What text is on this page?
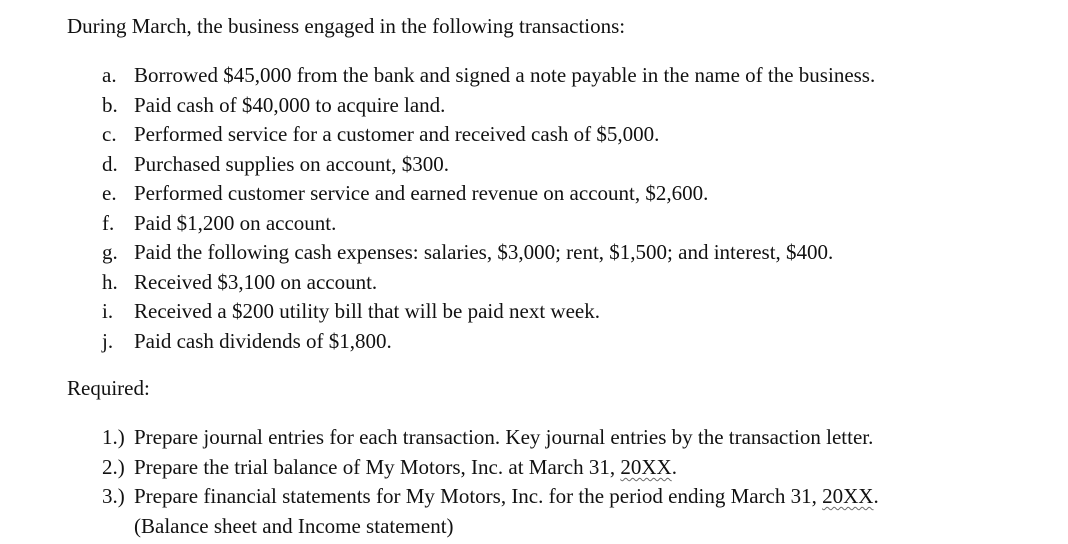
During March, the business engaged in the following transactions:
a. Borrowed $45,000 from the bank and signed a note payable in the name of the business.
b. Paid cash of $40,000 to acquire land.
c. Performed service for a customer and received cash of $5,000.
d. Purchased supplies on account, $300.
e. Performed customer service and earned revenue on account, $2,600.
f. Paid $1,200 on account.
g. Paid the following cash expenses: salaries, $3,000; rent, $1,500; and interest, $400.
h. Received $3,100 on account.
i. Received a $200 utility bill that will be paid next week.
j. Paid cash dividends of $1,800.
Required:
1.) Prepare journal entries for each transaction. Key journal entries by the transaction letter.
2.) Prepare the trial balance of My Motors, Inc. at March 31, 20XX.
3.) Prepare financial statements for My Motors, Inc. for the period ending March 31, 20XX.
(Balance sheet and Income statement)
